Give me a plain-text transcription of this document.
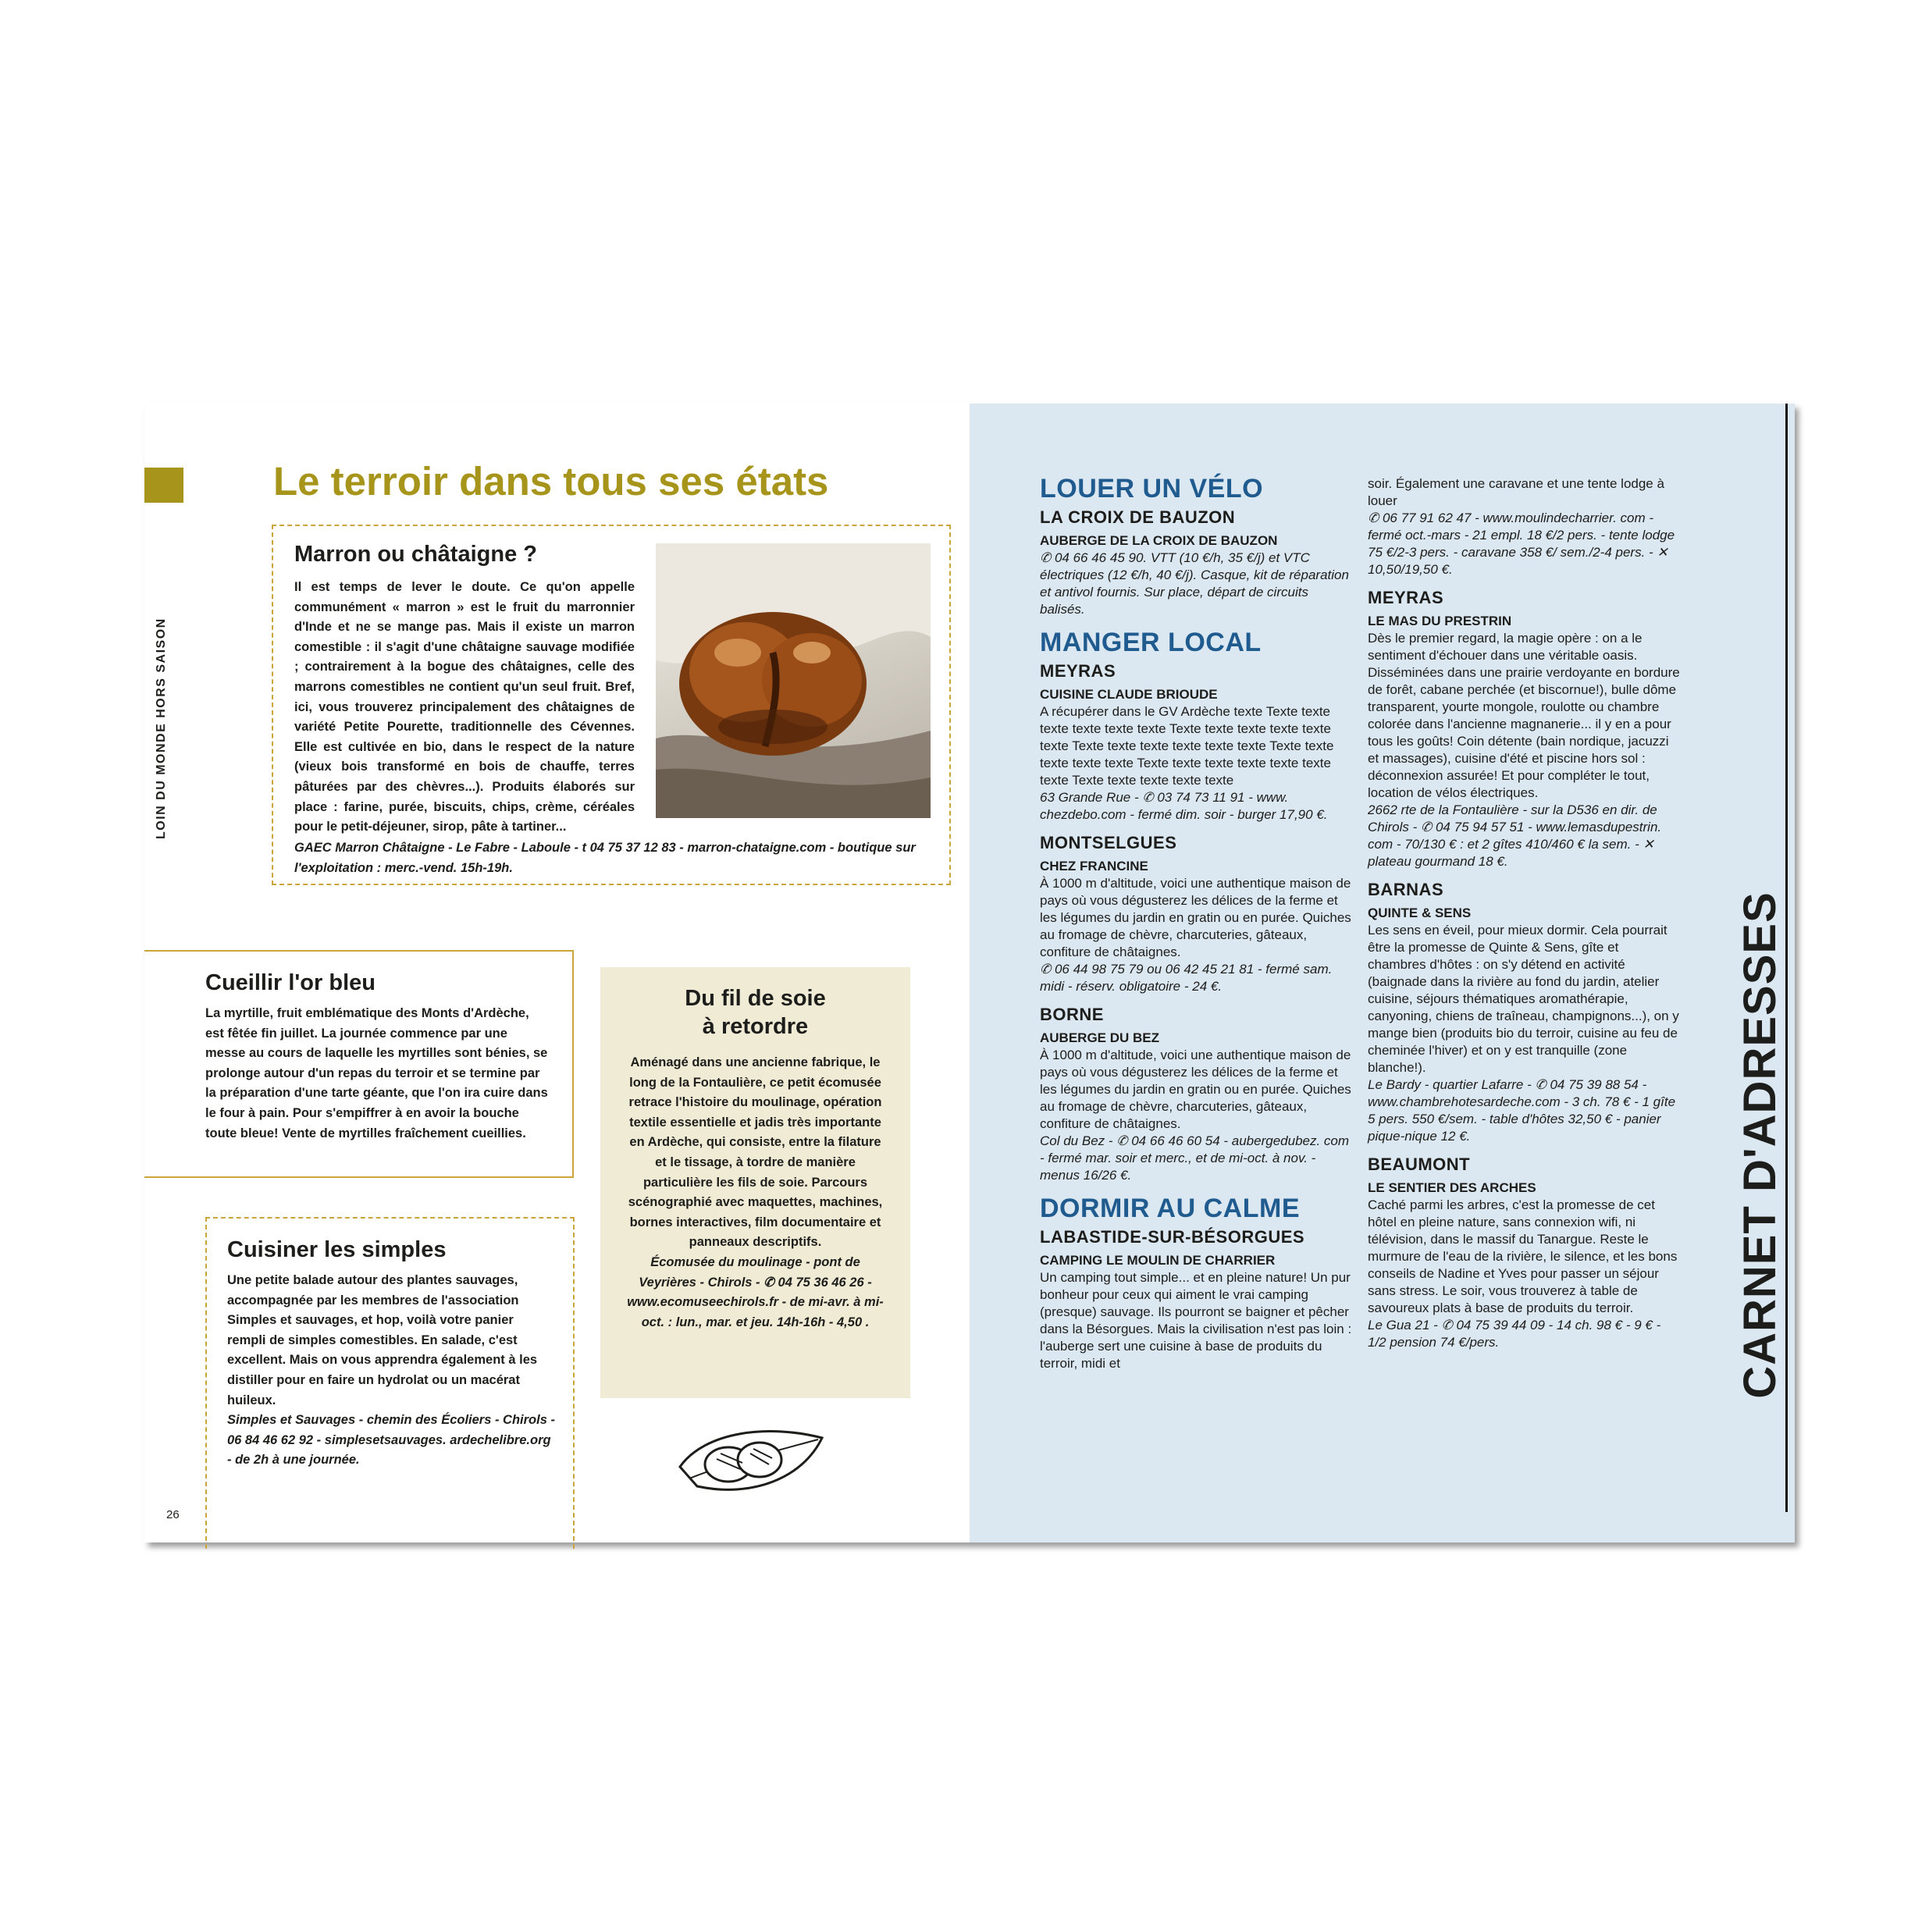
LOIN DU MONDE HORS SAISON
Le terroir dans tous ses états
Marron ou châtaigne ?

Il est temps de lever le doute. Ce qu'on appelle communément « marron » est le fruit du marronnier d'Inde et ne se mange pas. Mais il existe un marron comestible : il s'agit d'une châtaigne sauvage modifiée ; contrairement à la bogue des châtaignes, celle des marrons comestibles ne contient qu'un seul fruit. Bref, ici, vous trouverez principalement des châtaignes de variété Petite Pourette, traditionnelle des Cévennes. Elle est cultivée en bio, dans le respect de la nature (vieux bois transformé en bois de chauffe, terres pâturées par des chèvres...). Produits élaborés sur place : farine, purée, biscuits, chips, crème, céréales pour le petit-déjeuner, sirop, pâte à tartiner...

GAEC Marron Châtaigne - Le Fabre - Laboule - t 04 75 37 12 83 - marron-chataigne.com - boutique sur l'exploitation : merc.-vend. 15h-19h.

Cueillir l'or bleu

La myrtille, fruit emblématique des Monts d'Ardèche, est fêtée fin juillet. La journée commence par une messe au cours de laquelle les myrtilles sont bénies, se prolonge autour d'un repas du terroir et se termine par la préparation d'une tarte géante, que l'on ira cuire dans le four à pain. Pour s'empiffrer à en avoir la bouche toute bleue! Vente de myrtilles fraîchement cueillies.

Cuisiner les simples

Une petite balade autour des plantes sauvages, accompagnée par les membres de l'association Simples et sauvages, et hop, voilà votre panier rempli de simples comestibles. En salade, c'est excellent. Mais on vous apprendra également à les distiller pour en faire un hydrolat ou un macérat huileux.

Simples et Sauvages - chemin des Écoliers - Chirols - 06 84 46 62 92 - simplesetsauvages. ardechelibre.org - de 2h à une journée.

Du fil de soie
à retordre

Aménagé dans une ancienne fabrique, le long de la Fontaulière, ce petit écomusée retrace l'histoire du moulinage, opération textile essentielle et jadis très importante en Ardèche, qui consiste, entre la filature et le tissage, à tordre de manière particulière les fils de soie. Parcours scénographié avec maquettes, machines, bornes interactives, film documentaire et panneaux descriptifs.

Écomusée du moulinage - pont de Veyrières - Chirols - ✆ 04 75 36 46 26 - www.ecomuseechirols.fr - de mi-avr. à mi-oct. : lun., mar. et jeu. 14h-16h - 4,50 .

26
LOUER UN VÉLO
LA CROIX DE BAUZON
AUBERGE DE LA CROIX DE BAUZON

✆ 04 66 46 45 90. VTT (10 €/h, 35 €/j) et VTC électriques (12 €/h, 40 €/j). Casque, kit de réparation et antivol fournis. Sur place, départ de circuits balisés.

MANGER LOCAL
MEYRAS
CUISINE CLAUDE BRIOUDE

A récupérer dans le GV Ardèche texte Texte texte texte texte texte texte Texte texte texte texte texte texte Texte texte texte texte texte texte Texte texte texte texte texte Texte texte texte texte texte texte texte Texte texte texte texte texte

63 Grande Rue - ✆ 03 74 73 11 91 - www. chezdebo.com - fermé dim. soir - burger 17,90 €.

MONTSELGUES
CHEZ FRANCINE

À 1000 m d'altitude, voici une authentique maison de pays où vous dégusterez les délices de la ferme et les légumes du jardin en gratin ou en purée. Quiches au fromage de chèvre, charcuteries, gâteaux, confiture de châtaignes.

✆ 06 44 98 75 79 ou 06 42 45 21 81 - fermé sam. midi - réserv. obligatoire - 24 €.

BORNE
AUBERGE DU BEZ

À 1000 m d'altitude, voici une authentique maison de pays où vous dégusterez les délices de la ferme et les légumes du jardin en gratin ou en purée. Quiches au fromage de chèvre, charcuteries, gâteaux, confiture de châtaignes.

Col du Bez - ✆ 04 66 46 60 54 - aubergedubez. com - fermé mar. soir et merc., et de mi-oct. à nov. - menus 16/26 €.

DORMIR AU CALME
LABASTIDE-SUR-BÉSORGUES
CAMPING LE MOULIN DE CHARRIER

Un camping tout simple... et en pleine nature! Un pur bonheur pour ceux qui aiment le vrai camping (presque) sauvage. Ils pourront se baigner et pêcher dans la Bésorgues. Mais la civilisation n'est pas loin : l'auberge sert une cuisine à base de produits du terroir, midi et

soir. Également une caravane et une tente lodge à louer

✆ 06 77 91 62 47 - www.moulindecharrier. com - fermé oct.-mars - 21 empl. 18 €/2 pers. - tente lodge 75 €/2-3 pers. - caravane 358 €/ sem./2-4 pers. - ✕ 10,50/19,50 €.

MEYRAS
LE MAS DU PRESTRIN

Dès le premier regard, la magie opère : on a le sentiment d'échouer dans une véritable oasis. Disséminées dans une prairie verdoyante en bordure de forêt, cabane perchée (et biscornue!), bulle dôme transparent, yourte mongole, roulotte ou chambre colorée dans l'ancienne magnanerie... il y en a pour tous les goûts! Coin détente (bain nordique, jacuzzi et massages), cuisine d'été et piscine hors sol : déconnexion assurée! Et pour compléter le tout, location de vélos électriques.

2662 rte de la Fontaulière - sur la D536 en dir. de Chirols - ✆ 04 75 94 57 51 - www.lemasdupestrin. com - 70/130 € : et 2 gîtes 410/460 € la sem. - ✕ plateau gourmand 18 €.

BARNAS
QUINTE & SENS

Les sens en éveil, pour mieux dormir. Cela pourrait être la promesse de Quinte & Sens, gîte et chambres d'hôtes : on s'y détend en activité (baignade dans la rivière au fond du jardin, atelier cuisine, séjours thématiques aromathérapie, canyoning, chiens de traîneau, champignons...), on y mange bien (produits bio du terroir, cuisine au feu de cheminée l'hiver) et on y est tranquille (zone blanche!).

Le Bardy - quartier Lafarre - ✆ 04 75 39 88 54 - www.chambrehotesardeche.com - 3 ch. 78 € - 1 gîte 5 pers. 550 €/sem. - table d'hôtes 32,50 € - panier pique-nique 12 €.

BEAUMONT
LE SENTIER DES ARCHES

Caché parmi les arbres, c'est la promesse de cet hôtel en pleine nature, sans connexion wifi, ni télévision, dans le massif du Tanargue. Reste le murmure de l'eau de la rivière, le silence, et les bons conseils de Nadine et Yves pour passer un séjour sans stress. Le soir, vous trouverez à table de savoureux plats à base de produits du terroir.

Le Gua 21 - ✆ 04 75 39 44 09 - 14 ch. 98 € - 9 € - 1/2 pension 74 €/pers.	CARNET D'ADRESSES
